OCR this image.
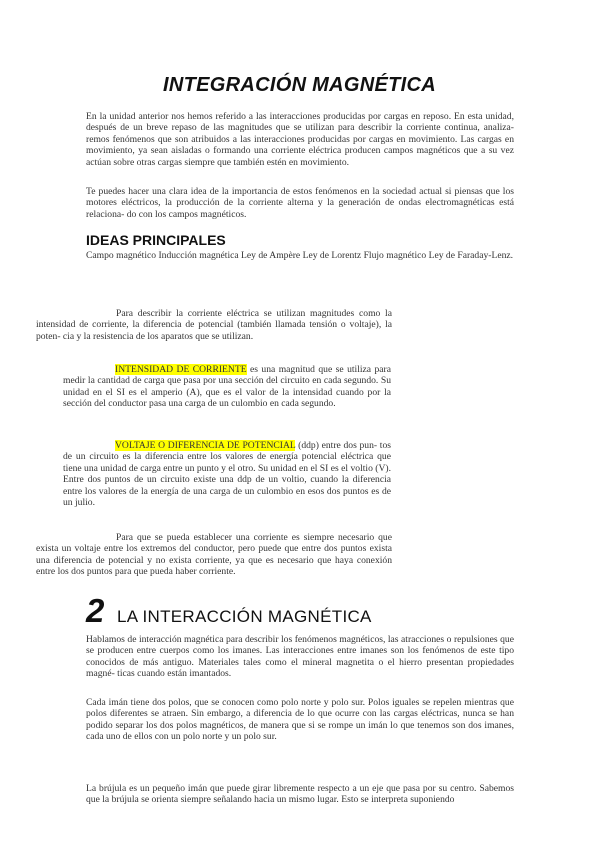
INTEGRACIÓN MAGNÉTICA
En la unidad anterior nos hemos referido a las interacciones producidas por cargas en reposo. En esta unidad, después de un breve repaso de las magnitudes que se utilizan para describir la corriente continua, analiza- remos fenómenos que son atribuidos a las interacciones producidas por cargas en movimiento. Las cargas en movimiento, ya sean aisladas o formando una corriente eléctrica producen campos magnéticos que a su vez actúan sobre otras cargas siempre que también estén en movimiento.
Te puedes hacer una clara idea de la importancia de estos fenómenos en la sociedad actual si piensas que los motores eléctricos, la producción de la corriente alterna y la generación de ondas electromagnéticas está relaciona- do con los campos magnéticos.
IDEAS PRINCIPALES
Campo magnético Inducción magnética Ley de Ampère Ley de Lorentz Flujo magnético Ley de Faraday-Lenz.
Para describir la corriente eléctrica se utilizan magnitudes como la intensidad de corriente, la diferencia de potencial (también llamada tensión o voltaje), la poten- cia y la resistencia de los aparatos que se utilizan.
INTENSIDAD DE CORRIENTE es una magnitud que se utiliza para medir la cantidad de carga que pasa por una sección del circuito en cada segundo. Su unidad en el SI es el amperio (A), que es el valor de la intensidad cuando por la sección del conductor pasa una carga de un culombio en cada segundo.
VOLTAJE O DIFERENCIA DE POTENCIAL (ddp) entre dos pun- tos de un circuito es la diferencia entre los valores de energía potencial eléctrica que tiene una unidad de carga entre un punto y el otro. Su unidad en el SI es el voltio (V). Entre dos puntos de un circuito existe una ddp de un voltio, cuando la diferencia entre los valores de la energía de una carga de un culombio en esos dos puntos es de un julio.
Para que se pueda establecer una corriente es siempre necesario que exista un voltaje entre los extremos del conductor, pero puede que entre dos puntos exista una diferencia de potencial y no exista corriente, ya que es necesario que haya conexión entre los dos puntos para que pueda haber corriente.
2 LA INTERACCIÓN MAGNÉTICA
Hablamos de interacción magnética para describir los fenómenos magnéticos, las atracciones o repulsiones que se producen entre cuerpos como los imanes. Las interacciones entre imanes son los fenómenos de este tipo conocidos de más antiguo. Materiales tales como el mineral magnetita o el hierro presentan propiedades magné- ticas cuando están imantados.
Cada imán tiene dos polos, que se conocen como polo norte y polo sur. Polos iguales se repelen mientras que polos diferentes se atraen. Sin embargo, a diferencia de lo que ocurre con las cargas eléctricas, nunca se han podido separar los dos polos magnéticos, de manera que si se rompe un imán lo que tenemos son dos imanes, cada uno de ellos con un polo norte y un polo sur.
La brújula es un pequeño imán que puede girar libremente respecto a un eje que pasa por su centro. Sabemos que la brújula se orienta siempre señalando hacia un mismo lugar. Esto se interpreta suponiendo
